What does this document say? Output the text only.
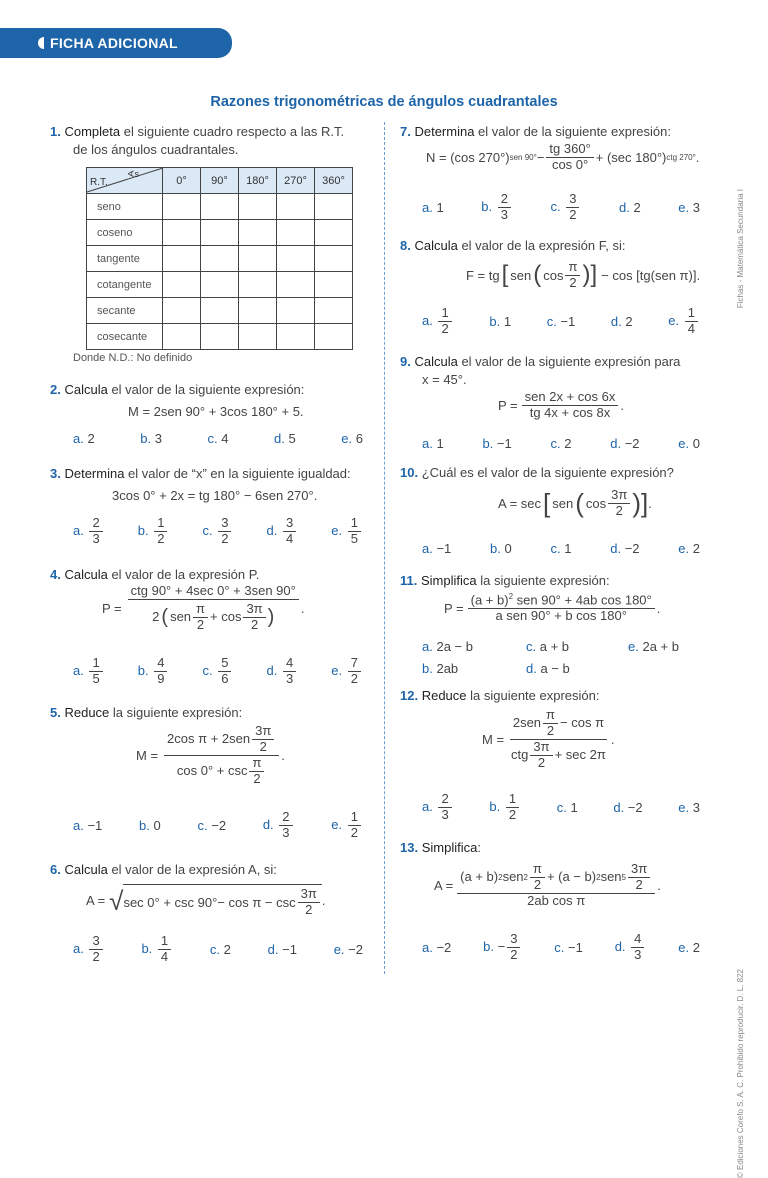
FICHA ADICIONAL
Fichas - Matemática Secundaria I
© Ediciones Corefo S. A. C. Prohibido reproducir. D. L. 822
Razones trigonométricas de ángulos cuadrantales
1. Completa el siguiente cuadro respecto a las R.T.
de los ángulos cuadrantales.
R.T.
∢s	0°	90°	180°	270°	360°
seno					
coseno					
tangente					
cotangente					
secante					
cosecante					
Donde N.D.: No definido
2. Calcula el valor de la siguiente expresión:
M = 2sen 90° + 3cos 180° + 5.
a. 2	b. 3	c. 4	d. 5	e. 6
3. Determina el valor de “x” en la siguiente igualdad:
3cos 0° + 2x = tg 180° − 6sen 270°.
a. $\frac{2}{3}$	b. $\frac{1}{2}$	c. $\frac{3}{2}$	d. $\frac{3}{4}$	e. $\frac{1}{5}$
4. Calcula el valor de la expresión P.
$P = \frac{\text{ctg 90° + 4sec 0° + 3sen 90°}}{2 ( sen \frac{\pi}{2} + \cos \frac{3\pi}{2} )}$ .
a. $\frac{1}{5}$	b. $\frac{4}{9}$	c. $\frac{5}{6}$	d. $\frac{4}{3}$	e. $\frac{7}{2}$
5. Reduce la siguiente expresión:
$M = \frac{2\cos \pi + 2sen \frac{3\pi}{2}}{\cos 0^\circ + \csc \frac{\pi}{2}}$ .
a. −1	b. 0	c. −2	d. $\frac{2}{3}$	e. $\frac{1}{2}$
6. Calcula el valor de la expresión A, si:
A = √ $\sec 0^\circ + \csc 90^\circ- \cos \pi - \csc \frac{3\pi}{2}$ .
a. $\frac{3}{2}$	b. $\frac{1}{4}$	c. 2	d. −1	e. −2
7. Determina el valor de la siguiente expresión:
N = (cos 270°) sen $90^\circ - \frac{tg 360^\circ}{\cos 0^\circ} + (\sec$ 180°) ctg 270° .
a. 1	b. $\frac{2}{3}$	c. $\frac{3}{2}$	d. 2	e. 3
8. Calcula el valor de la expresión F, si:
F = tg [ sen ( $\cos \frac{\pi}{2}$ ) ] − cos [tg(sen π)].
a. $\frac{1}{2}$	b. 1	c. −1	d. 2	e. $\frac{1}{4}$
9. Calcula el valor de la siguiente expresión para
x = 45°.
$P = \frac{\text{sen 2x + cos 6x}}{tg 4x + \cos 8x}$ .
a. 1	b. −1	c. 2	d. −2	e. 0
10. ¿Cuál es el valor de la siguiente expresión?
A = sec [ sen ( $\cos \frac{3\pi}{2}$ ) ] .
a. −1	b. 0	c. 1	d. −2	e. 2
11. Simplifica la siguiente expresión:
$P = \frac{(a + b)^2 sen 90^\circ + 4ab \cos 180^\circ}{\text{a sen 90° + b cos 180°}}$ .
a. 2a − b	c. a + b	e. 2a + b
b. 2ab	d. a − b
12. Reduce la siguiente expresión:
$M = \frac{2sen \frac{\pi}{2} - \cos \pi}{ctg \frac{3\pi}{2} + \sec 2\pi}$ .
a. $\frac{2}{3}$	b. $\frac{1}{2}$	c. 1	d. −2	e. 3
13. Simplifica:
$A = \frac{(a + b) 2 sen 2 \frac{\pi}{2} + (a - b) 2 sen 5 \frac{3\pi}{2}}{\text{2ab cos π}}$ .
a. −2 b. − $\frac{3}{2}$	c. −1 d. $\frac{4}{3}$	e. 2
